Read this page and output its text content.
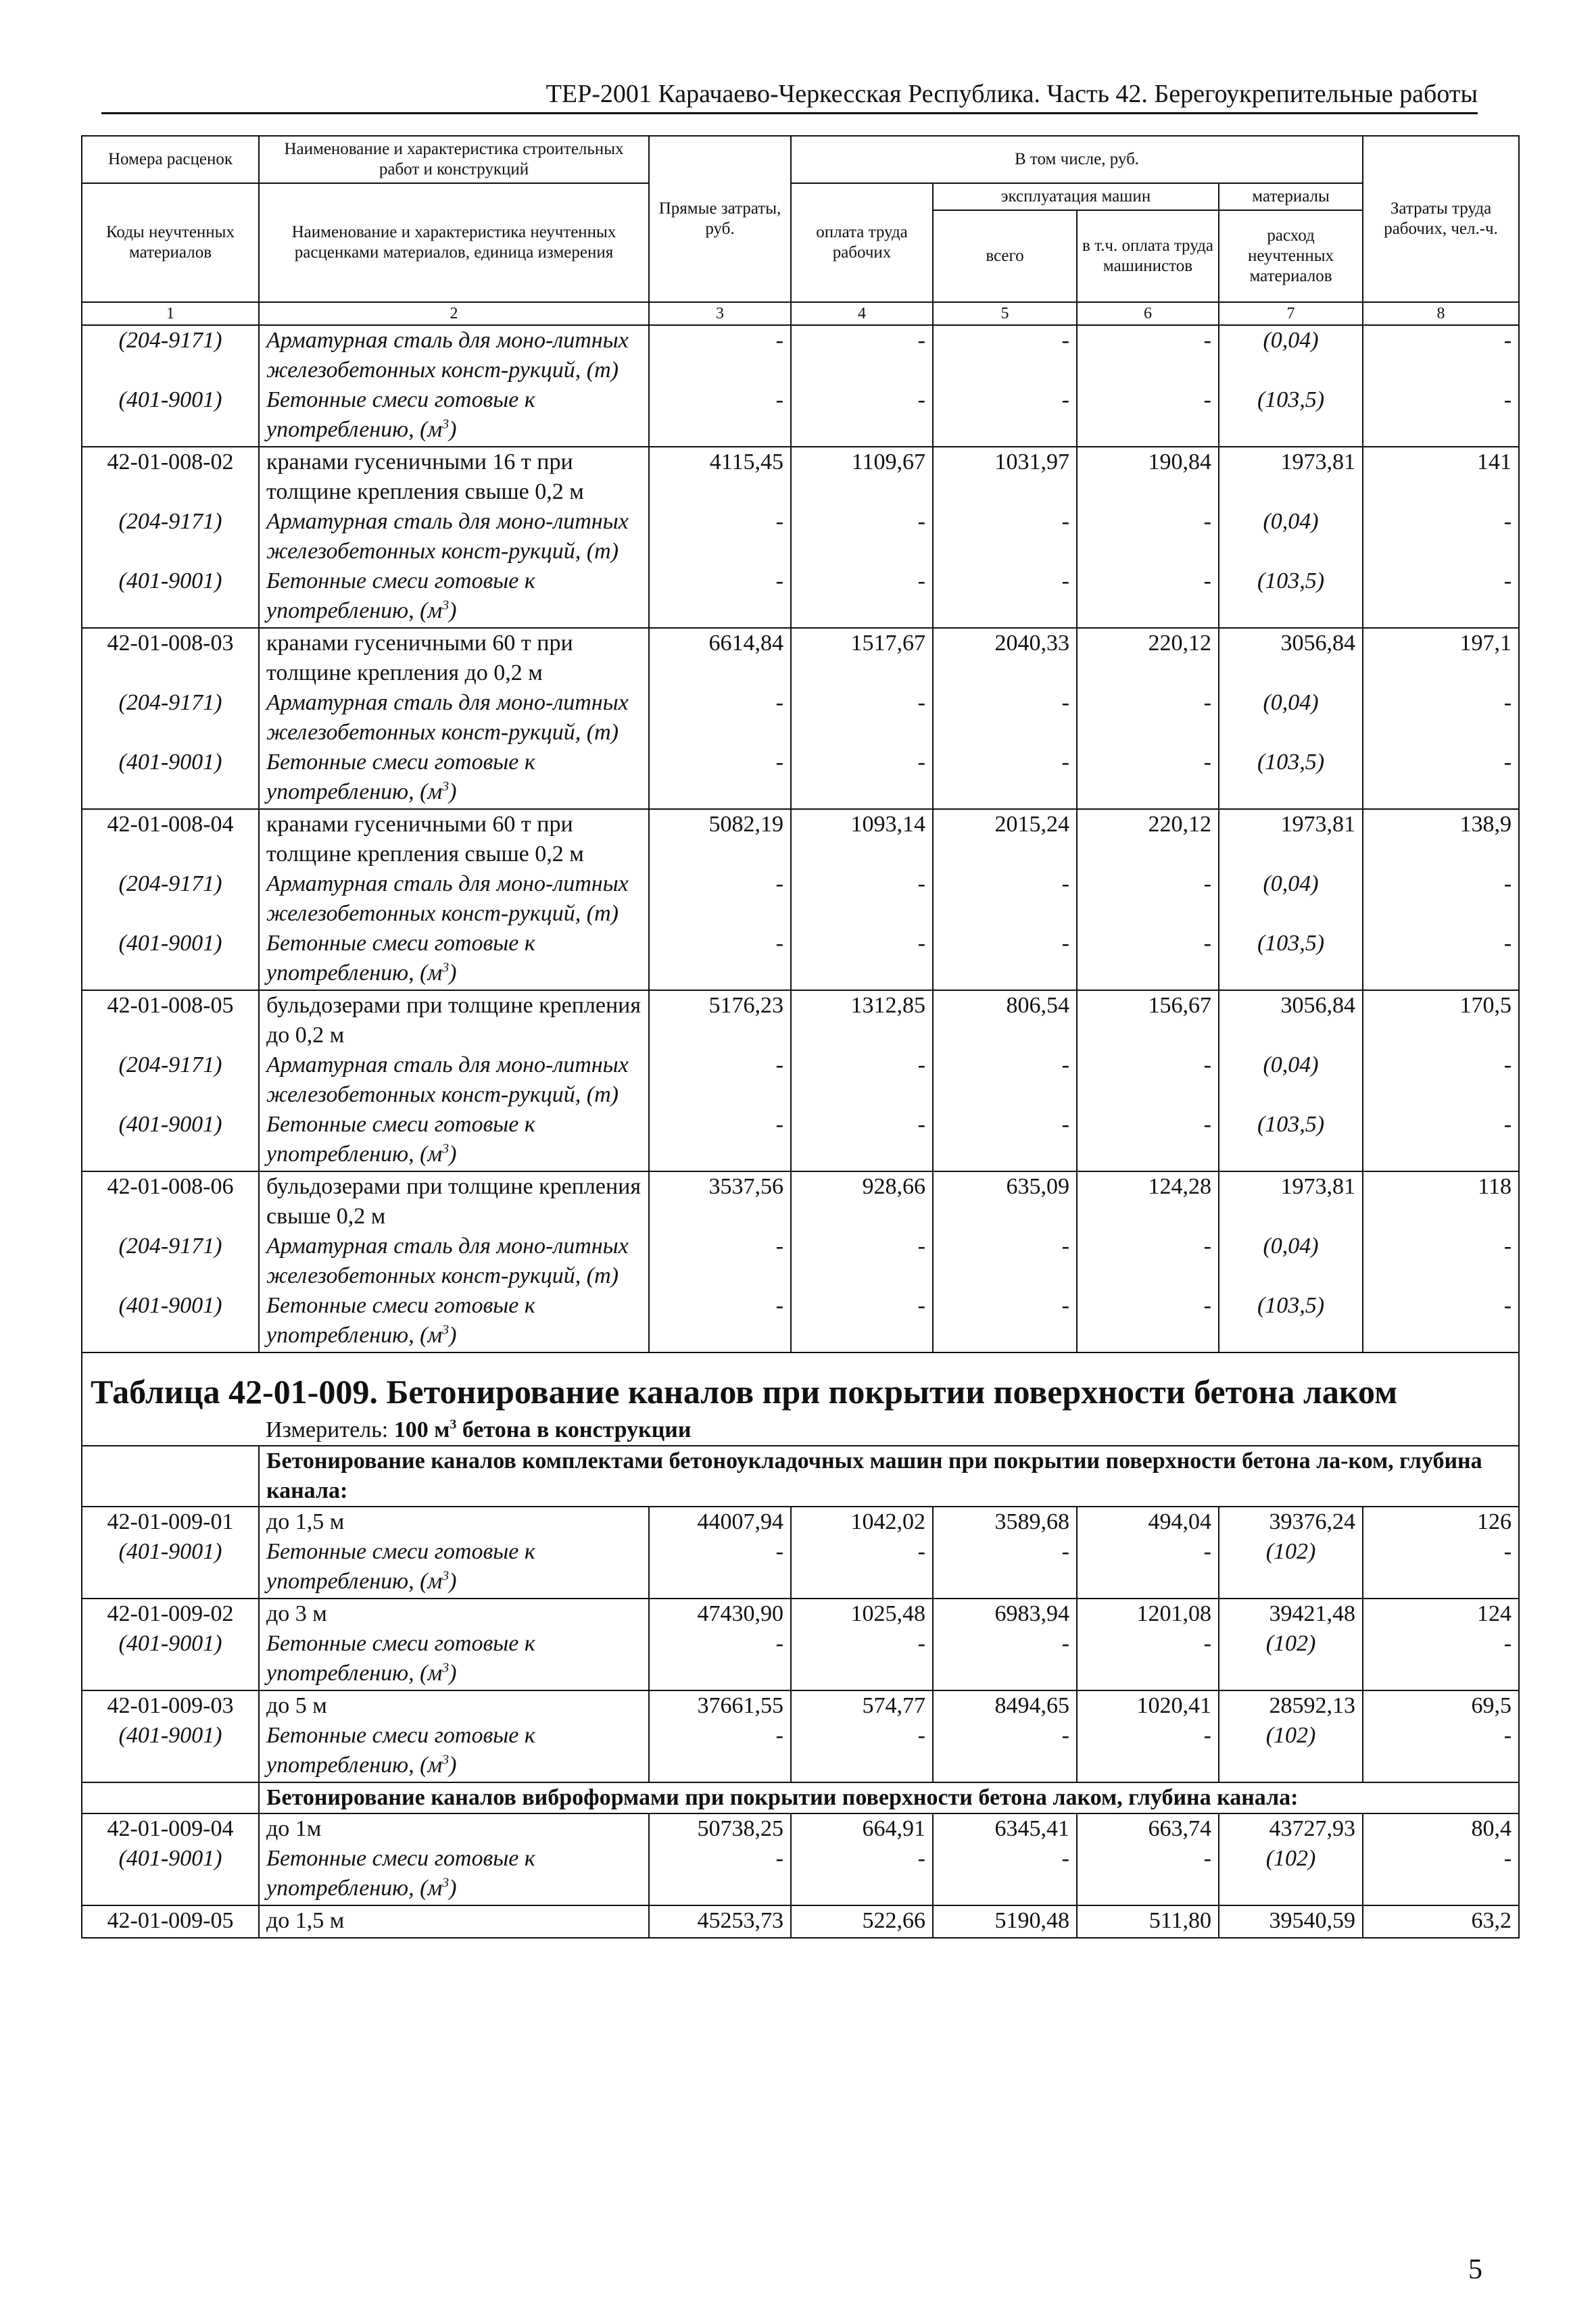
ТЕР-2001 Карачаево-Черкесская Республика. Часть 42. Берегоукрепительные работы
Номера расценок	Наименование и характеристика строительных работ и конструкций	Прямые затраты, руб.	В том числе, руб.				Затраты труда рабочих, чел.-ч.
Коды неучтенных материалов	Наименование и характеристика неучтенных расценками материалов, единица измерения		оплата труда рабочих	эксплуатация машин		материалы	
				всего	в т.ч. оплата труда машинистов	расход неучтенных материалов	
1	2	3	4	5	6	7	8
(204-9171)	Арматурная сталь для моно-литных железобетонных конст-рукций, (т)	-	-	-	-	(0,04)	-
(401-9001)	Бетонные смеси готовые к употреблению, $(м^3)$	-	-	-	-	(103,5)	-
42-01-008-02	кранами гусеничными 16 т при толщине крепления свыше 0,2 м	4115,45	1109,67	1031,97	190,84	1973,81	141
(204-9171)	Арматурная сталь для моно-литных железобетонных конст-рукций, (т)	-	-	-	-	(0,04)	-
(401-9001)	Бетонные смеси готовые к употреблению, $(м^3)$	-	-	-	-	(103,5)	-
42-01-008-03	кранами гусеничными 60 т при толщине крепления до 0,2 м	6614,84	1517,67	2040,33	220,12	3056,84	197,1
(204-9171)	Арматурная сталь для моно-литных железобетонных конст-рукций, (т)	-	-	-	-	(0,04)	-
(401-9001)	Бетонные смеси готовые к употреблению, $(м^3)$	-	-	-	-	(103,5)	-
42-01-008-04	кранами гусеничными 60 т при толщине крепления свыше 0,2 м	5082,19	1093,14	2015,24	220,12	1973,81	138,9
(204-9171)	Арматурная сталь для моно-литных железобетонных конст-рукций, (т)	-	-	-	-	(0,04)	-
(401-9001)	Бетонные смеси готовые к употреблению, $(м^3)$	-	-	-	-	(103,5)	-
42-01-008-05	бульдозерами при толщине крепления до 0,2 м	5176,23	1312,85	806,54	156,67	3056,84	170,5
(204-9171)	Арматурная сталь для моно-литных железобетонных конст-рукций, (т)	-	-	-	-	(0,04)	-
(401-9001)	Бетонные смеси готовые к употреблению, $(м^3)$	-	-	-	-	(103,5)	-
42-01-008-06	бульдозерами при толщине крепления свыше 0,2 м	3537,56	928,66	635,09	124,28	1973,81	118
(204-9171)	Арматурная сталь для моно-литных железобетонных конст-рукций, (т)	-	-	-	-	(0,04)	-
(401-9001)	Бетонные смеси готовые к употреблению, $(м^3)$	-	-	-	-	(103,5)	-
Таблица 42-01-009. Бетонирование каналов при покрытии поверхности бетона лаком							
	Измеритель: 100 $м^3$ бетона в конструкции						
	Бетонирование каналов комплектами бетоноукладочных машин при покрытии поверхности бетона ла-ком, глубина канала:						
42-01-009-01	до 1,5 м	44007,94	1042,02	3589,68	494,04	39376,24	126
(401-9001)	Бетонные смеси готовые к употреблению, $(м^3)$	-	-	-	-	(102)	-
42-01-009-02	до 3 м	47430,90	1025,48	6983,94	1201,08	39421,48	124
(401-9001)	Бетонные смеси готовые к употреблению, $(м^3)$	-	-	-	-	(102)	-
42-01-009-03	до 5 м	37661,55	574,77	8494,65	1020,41	28592,13	69,5
(401-9001)	Бетонные смеси готовые к употреблению, $(м^3)$	-	-	-	-	(102)	-
	Бетонирование каналов виброформами при покрытии поверхности бетона лаком, глубина канала:						
42-01-009-04	до 1м	50738,25	664,91	6345,41	663,74	43727,93	80,4
(401-9001)	Бетонные смеси готовые к употреблению, $(м^3)$	-	-	-	-	(102)	-
42-01-009-05	до 1,5 м	45253,73	522,66	5190,48	511,80	39540,59	63,2
5
